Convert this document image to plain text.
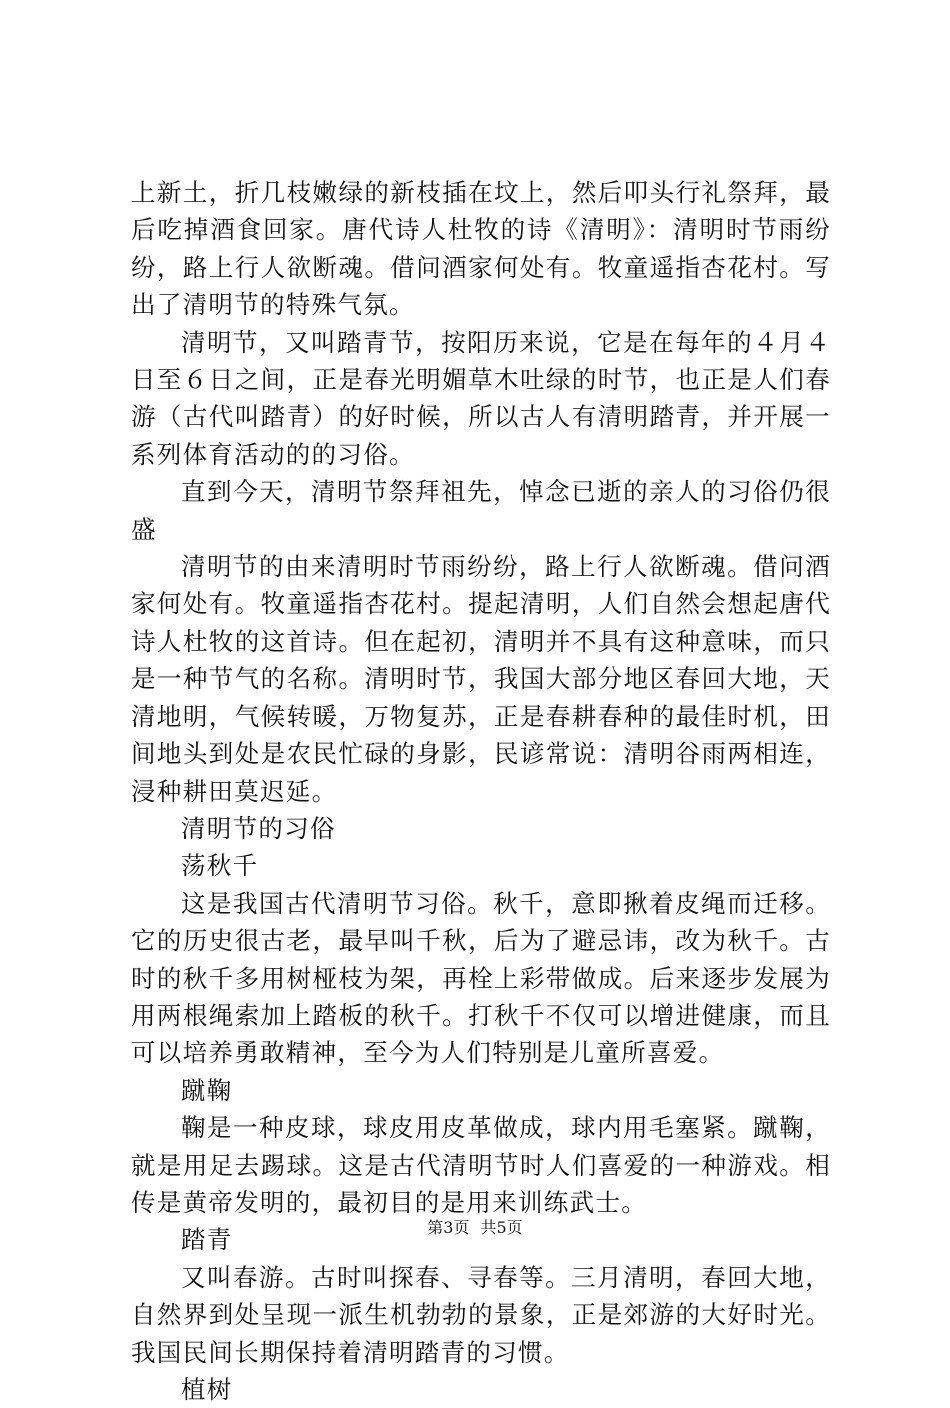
上新土，折几枝嫩绿的新枝插在坟上，然后叩头行礼祭拜，最后吃掉酒食回家。唐代诗人杜牧的诗《清明》：清明时节雨纷纷，路上行人欲断魂。借问酒家何处有。牧童遥指杏花村。写出了清明节的特殊气氛。

清明节，又叫踏青节，按阳历来说，它是在每年的４月４日至６日之间，正是春光明媚草木吐绿的时节，也正是人们春游（古代叫踏青）的好时候，所以古人有清明踏青，并开展一系列体育活动的的习俗。

直到今天，清明节祭拜祖先，悼念已逝的亲人的习俗仍很盛

清明节的由来清明时节雨纷纷，路上行人欲断魂。借问酒家何处有。牧童遥指杏花村。提起清明，人们自然会想起唐代诗人杜牧的这首诗。但在起初，清明并不具有这种意味，而只是一种节气的名称。清明时节，我国大部分地区春回大地，天清地明，气候转暖，万物复苏，正是春耕春种的最佳时机，田间地头到处是农民忙碌的身影，民谚常说：清明谷雨两相连，浸种耕田莫迟延。

清明节的习俗

荡秋千

这是我国古代清明节习俗。秋千，意即揪着皮绳而迁移。它的历史很古老，最早叫千秋，后为了避忌讳，改为秋千。古时的秋千多用树桠枝为架，再栓上彩带做成。后来逐步发展为用两根绳索加上踏板的秋千。打秋千不仅可以增进健康，而且可以培养勇敢精神，至今为人们特别是儿童所喜爱。

蹴鞠

鞠是一种皮球，球皮用皮革做成，球内用毛塞紧。蹴鞠，就是用足去踢球。这是古代清明节时人们喜爱的一种游戏。相传是黄帝发明的，最初目的是用来训练武士。

踏青

又叫春游。古时叫探春、寻春等。三月清明，春回大地，自然界到处呈现一派生机勃勃的景象，正是郊游的大好时光。我国民间长期保持着清明踏青的习惯。

植树

第3页 共5页
